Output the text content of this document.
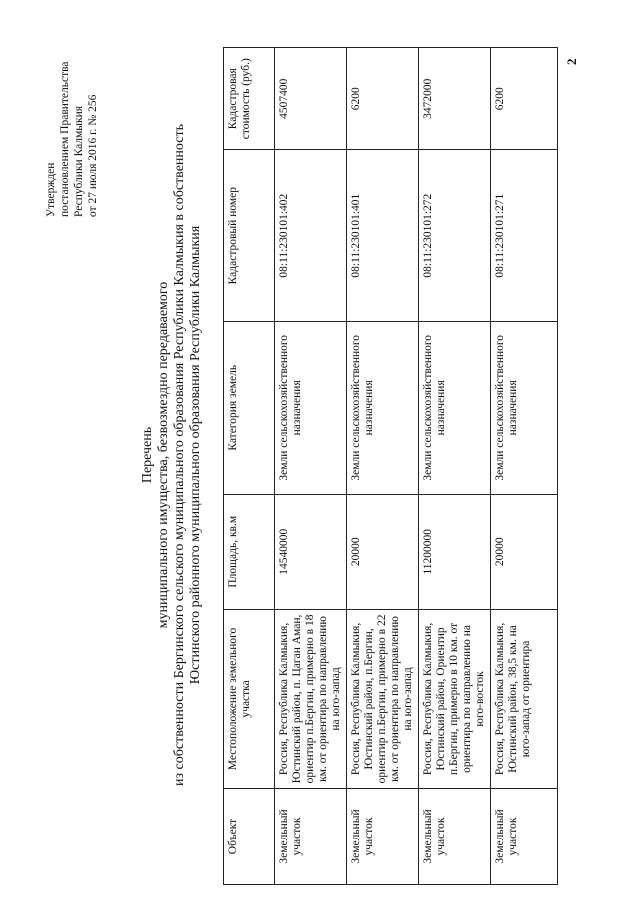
Утвержден постановлением Правительства Республики Калмыкия от 27 июля 2016 г. № 256
Перечень муниципального имущества, безвозмездно передаваемого из собственности Бергинского сельского муниципального образования Республики Калмыкия в собственность Юстинского районного муниципального образования Республики Калмыкия
2
Объект	Местоположение земельного участка	Площадь, кв.м	Категория земель	Кадастровый номер	Кадастровая стоимость (руб.)
Земельный участок	Россия, Республика Калмыкия, Юстинский район, п. Цаган Аман, ориентир п.Бергин, примерно в 18 км. от ориентира по направлению на юго-запад	14540000	Земли сельскохозяйственного назначения	08:11:230101:402	4507400
Земельный участок	Россия, Республика Калмыкия, Юстинский район, п.Бергин, ориентир п.Бергин, примерно в 22 км. от ориентира по направлению на юго-запад	20000	Земли сельскохозяйственного назначения	08:11:230101:401	6200
Земельный участок	Россия, Республика Калмыкия, Юстинский район, Ориентир п.Бергин, примерно в 10 км. от ориентира по направлению на юго-восток	11200000	Земли сельскохозяйственного назначения	08:11:230101:272	3472000
Земельный участок	Россия, Республика Калмыкия, Юстинский район, 38,5 км. на юго-запад от ориентира	20000	Земли сельскохозяйственного назначения	08:11:230101:271	6200
